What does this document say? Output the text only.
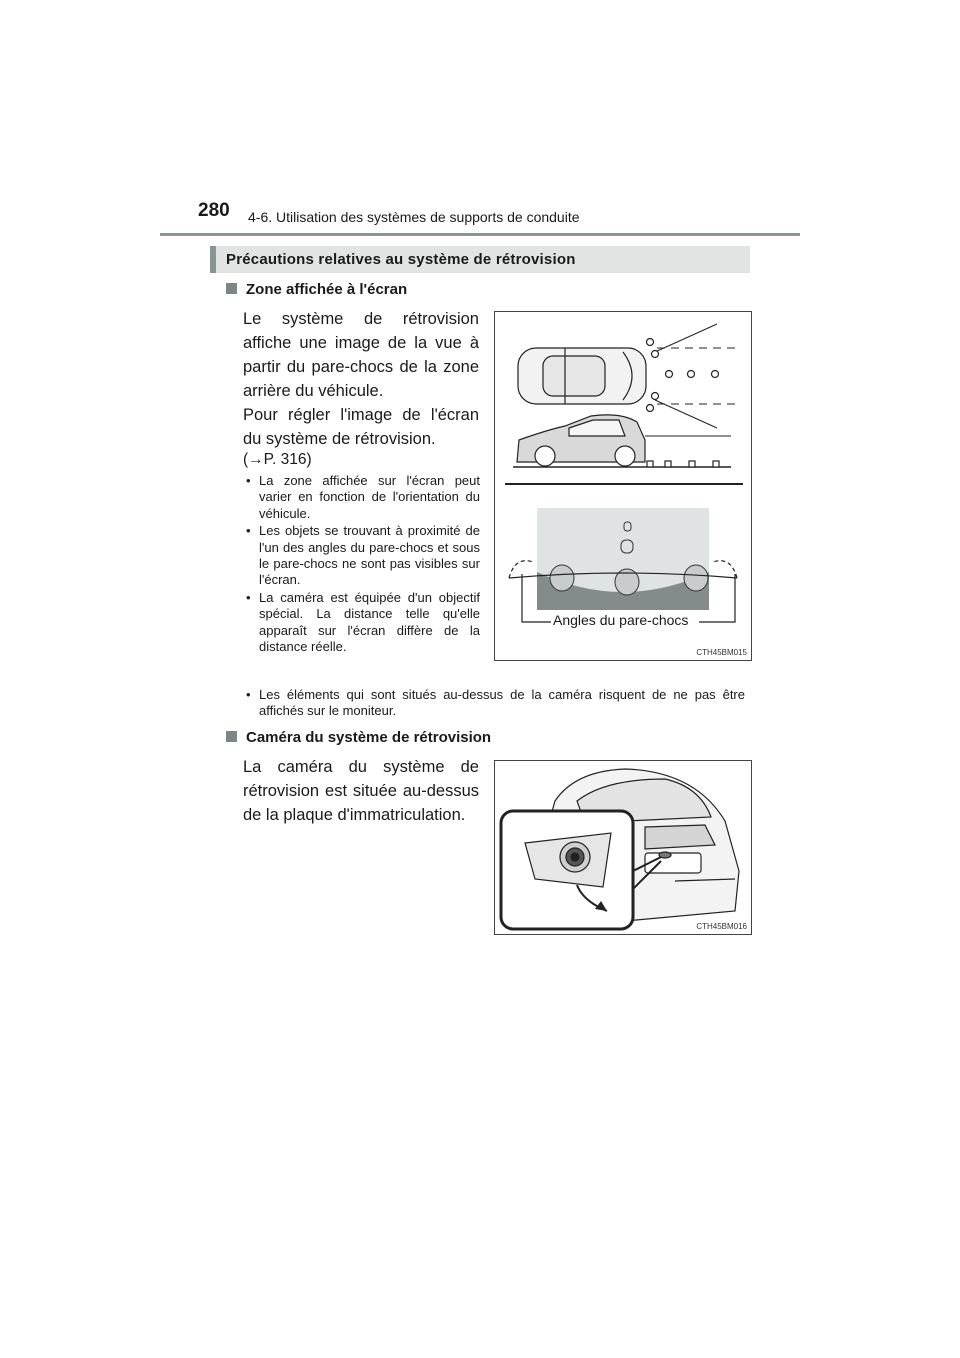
280 4-6. Utilisation des systèmes de supports de conduite
Précautions relatives au système de rétrovision
Zone affichée à l'écran
Le système de rétrovision affiche une image de la vue à partir du pare-chocs de la zone arrière du véhicule.
Pour régler l'image de l'écran du système de rétrovision.
(→P. 316)
• La zone affichée sur l'écran peut varier en fonction de l'orientation du véhicule.
• Les objets se trouvant à proximité de l'un des angles du pare-chocs et sous le pare-chocs ne sont pas visibles sur l'écran.
• La caméra est équipée d'un objectif spécial. La distance telle qu'elle apparaît sur l'écran diffère de la distance réelle.
• Les éléments qui sont situés au-dessus de la caméra risquent de ne pas être affichés sur le moniteur.
Angles du pare-chocs
CTH45BM015
Caméra du système de rétrovision
La caméra du système de rétrovision est située au-dessus de la plaque d'immatriculation.
CTH45BM016
